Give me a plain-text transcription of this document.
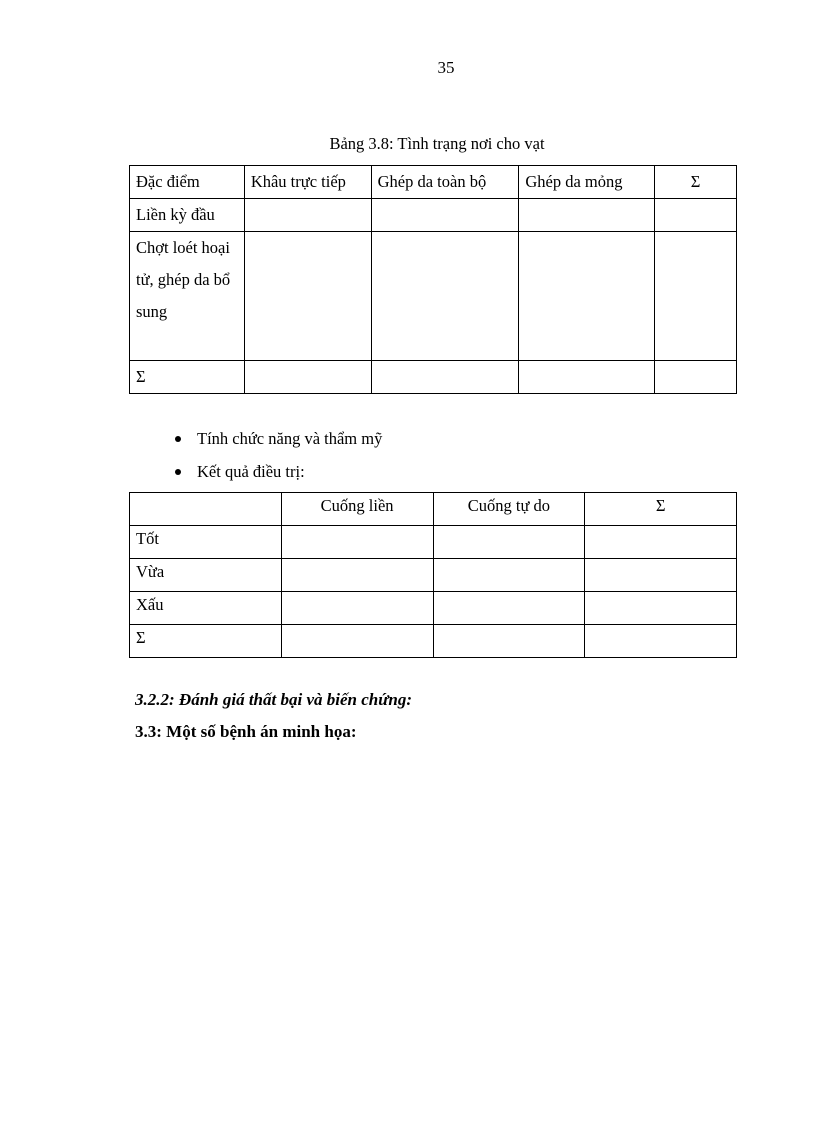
35
Bảng 3.8: Tình trạng nơi cho vạt
Đặc điểm	Khâu trực tiếp	Ghép da toàn bộ	Ghép da mỏng	Σ
Liền kỳ đầu				
Chợt loét hoại tử, ghép da bổ sung				
Σ				
Tính chức năng và thẩm mỹ
Kết quả điều trị:
	Cuống liền	Cuống tự do	Σ
Tốt			
Vừa			
Xấu			
Σ			
3.2.2: Đánh giá thất bại và biến chứng:
3.3: Một số bệnh án minh họa:
